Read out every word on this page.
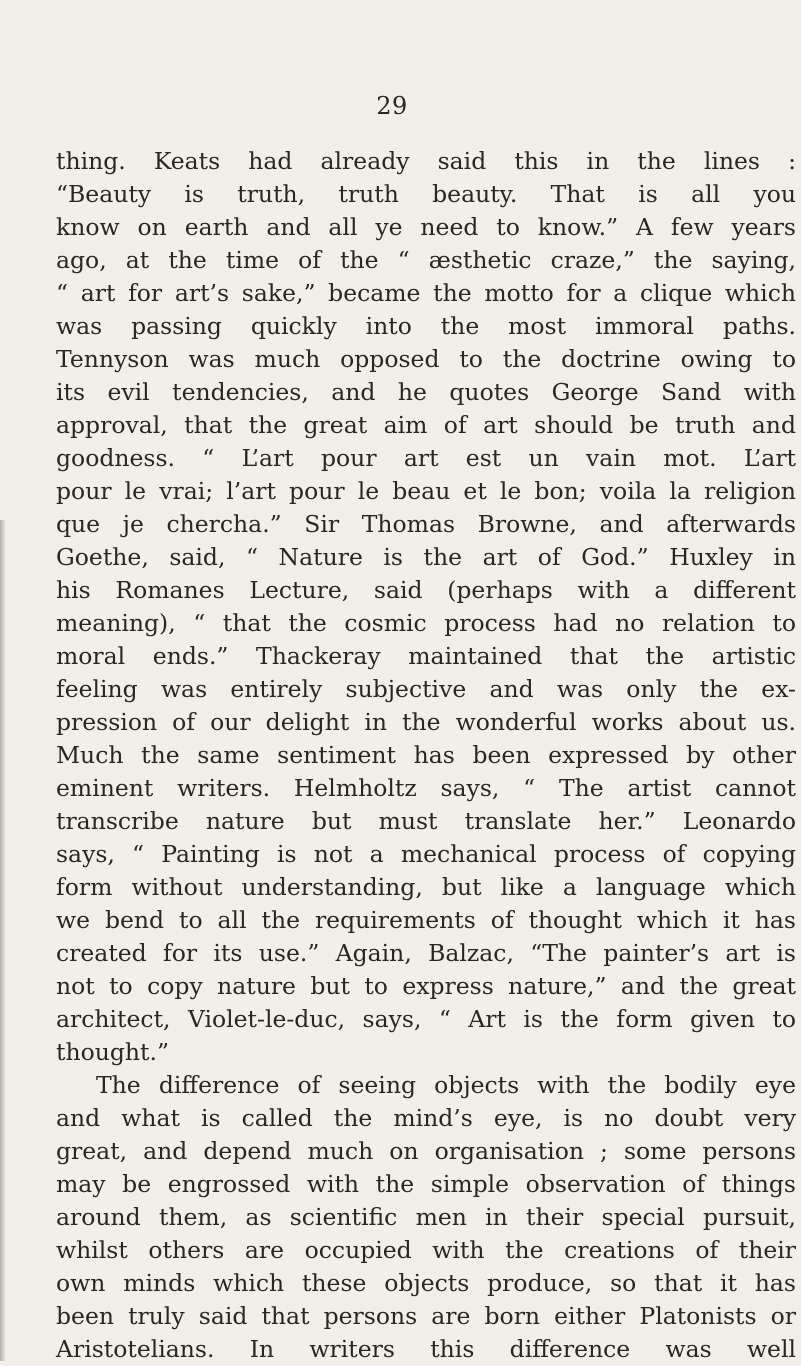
29
thing. Keats had already said this in the lines :
“Beauty is truth, truth beauty. That is all you
know on earth and all ye need to know.” A few years
ago, at the time of the “ æsthetic craze,” the saying,
“ art for art’s sake,” became the motto for a clique which
was passing quickly into the most immoral paths.
Tennyson was much opposed to the doctrine owing to
its evil tendencies, and he quotes George Sand with
approval, that the great aim of art should be truth and
goodness. “ L’art pour art est un vain mot. L’art
pour le vrai; l’art pour le beau et le bon; voila la religion
que je chercha.” Sir Thomas Browne, and afterwards
Goethe, said, “ Nature is the art of God.” Huxley in
his Romanes Lecture, said (perhaps with a different
meaning), “ that the cosmic process had no relation to
moral ends.” Thackeray maintained that the artistic
feeling was entirely subjective and was only the ex-
pression of our delight in the wonderful works about us.
Much the same sentiment has been expressed by other
eminent writers. Helmholtz says, “ The artist cannot
transcribe nature but must translate her.” Leonardo
says, “ Painting is not a mechanical process of copying
form without understanding, but like a language which
we bend to all the requirements of thought which it has
created for its use.” Again, Balzac, “The painter’s art is
not to copy nature but to express nature,” and the great
architect, Violet-le-duc, says, “ Art is the form given to
thought.”
The difference of seeing objects with the bodily eye
and what is called the mind’s eye, is no doubt very
great, and depend much on organisation ; some persons
may be engrossed with the simple observation of things
around them, as scientific men in their special pursuit,
whilst others are occupied with the creations of their
own minds which these objects produce, so that it has
been truly said that persons are born either Platonists or
Aristotelians. In writers this difference was well
